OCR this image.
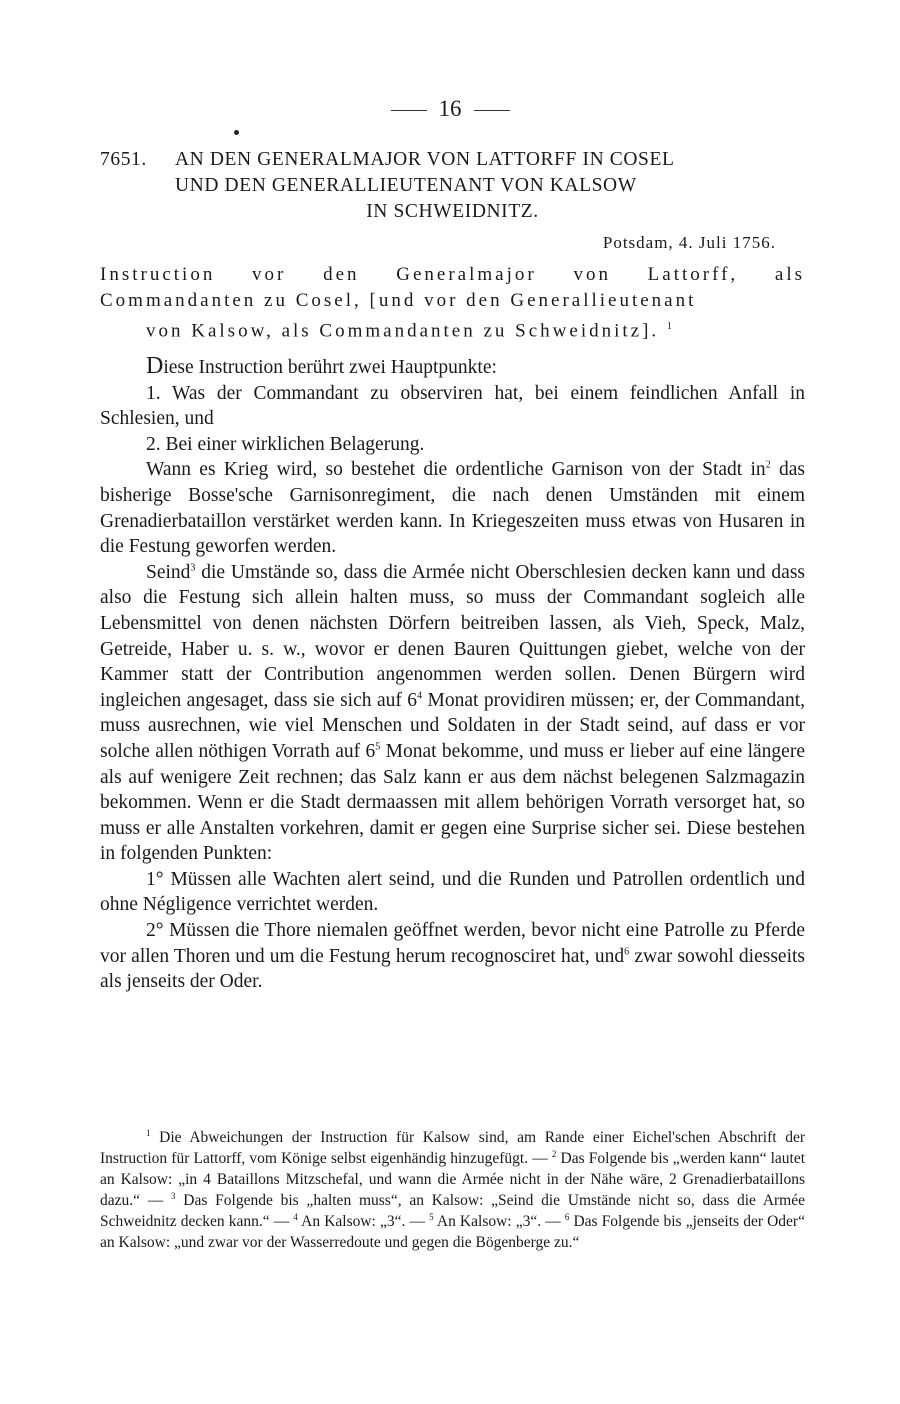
16
7651. AN DEN GENERALMAJOR VON LATTORFF IN COSEL
UND DEN GENERALLIEUTENANT VON KALSOW
IN SCHWEIDNITZ.
Potsdam, 4. Juli 1756.
Instruction vor den Generalmajor von Lattorff, als
Commandanten zu Cosel, [und vor den Generallieutenant
von Kalsow, als Commandanten zu Schweidnitz]. $^1$

Diese Instruction berührt zwei Hauptpunkte:

1. Was der Commandant zu observiren hat, bei einem feindlichen Anfall in Schlesien, und

2. Bei einer wirklichen Belagerung.

Wann es Krieg wird, so bestehet die ordentliche Garnison von der Stadt $in^2$ das bisherige Bosse'sche Garnisonregiment, die nach denen Umständen mit einem Grenadierbataillon verstärket werden kann. In Kriegeszeiten muss etwas von Husaren in die Festung geworfen werden.

Seind$^3$ die Umstände so, dass die Armée nicht Oberschlesien decken kann und dass also die Festung sich allein halten muss, so muss der Commandant sogleich alle Lebensmittel von denen nächsten Dörfern beitreiben lassen, als Vieh, Speck, Malz, Getreide, Haber u. s. w., wovor er denen Bauren Quittungen giebet, welche von der Kammer statt der Contribution angenommen werden sollen. Denen Bürgern wird ingleichen angesaget, dass sie sich auf $6^4$ Monat providiren müssen; er, der Commandant, muss ausrechnen, wie viel Menschen und Soldaten in der Stadt seind, auf dass er vor solche allen nöthigen Vorrath auf $6^5$ Monat bekomme, und muss er lieber auf eine längere als auf wenigere Zeit rechnen; das Salz kann er aus dem nächst belegenen Salzmagazin bekommen. Wenn er die Stadt dermaassen mit allem behörigen Vorrath versorget hat, so muss er alle Anstalten vorkehren, damit er gegen eine Surprise sicher sei. Diese bestehen in folgenden Punkten:

1° Müssen alle Wachten alert seind, und die Runden und Patrollen ordentlich und ohne Négligence verrichtet werden.

2° Müssen die Thore niemalen geöffnet werden, bevor nicht eine Patrolle zu Pferde vor allen Thoren und um die Festung herum recognosciret hat, und$^6$ zwar sowohl diesseits als jenseits der Oder.

$^1$ Die Abweichungen der Instruction für Kalsow sind, am Rande einer Eichel'schen Abschrift der Instruction für Lattorff, vom Könige selbst eigenhändig hinzugefügt. — $^2$ Das Folgende bis „werden kann“ lautet an Kalsow: „in 4 Bataillons Mitzschefal, und wann die Armée nicht in der Nähe wäre, 2 Grenadierbataillons dazu.“ — $^3$ Das Folgende bis „halten muss“, an Kalsow: „Seind die Umstände nicht so, dass die Armée Schweidnitz decken kann.“ — $^4$ An Kalsow: „3“. — $^5$ An Kalsow: „3“. — $^6$ Das Folgende bis „jenseits der Oder“ an Kalsow: „und zwar vor der Wasserredoute und gegen die Bögenberge zu.“
